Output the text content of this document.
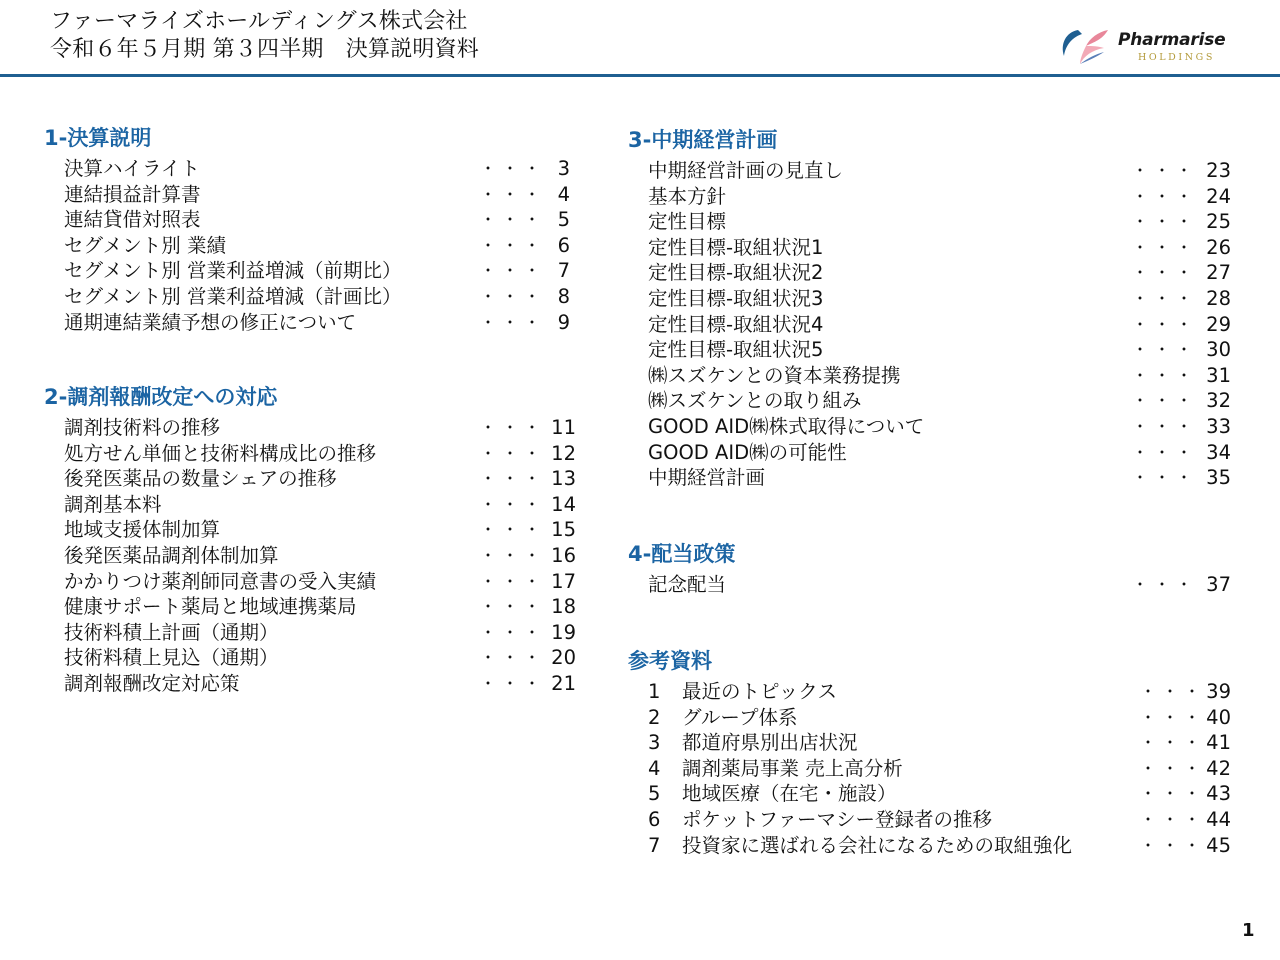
ファーマライズホールディングス株式会社
令和６年５月期 第３四半期　決算説明資料	Pharmarise
HOLDINGS
1-決算説明
決算ハイライト	・・・ 3
連結損益計算書	・・・ 4
連結貸借対照表	・・・ 5
セグメント別 業績	・・・ 6
セグメント別 営業利益増減（前期比）	・・・ 7
セグメント別 営業利益増減（計画比）	・・・ 8
通期連結業績予想の修正について	・・・ 9
2-調剤報酬改定への対応
調剤技術料の推移	・・・ 11
処方せん単価と技術料構成比の推移	・・・ 12
後発医薬品の数量シェアの推移	・・・ 13
調剤基本料	・・・ 14
地域支援体制加算	・・・ 15
後発医薬品調剤体制加算	・・・ 16
かかりつけ薬剤師同意書の受入実績	・・・ 17
健康サポート薬局と地域連携薬局	・・・ 18
技術料積上計画（通期）	・・・ 19
技術料積上見込（通期）	・・・ 20
調剤報酬改定対応策	・・・ 21
3-中期経営計画
中期経営計画の見直し	・・・ 23
基本方針	・・・ 24
定性目標	・・・ 25
定性目標-取組状況1	・・・ 26
定性目標-取組状況2	・・・ 27
定性目標-取組状況3	・・・ 28
定性目標-取組状況4	・・・ 29
定性目標-取組状況5	・・・ 30
㈱スズケンとの資本業務提携	・・・ 31
㈱スズケンとの取り組み	・・・ 32
GOOD AID㈱株式取得について	・・・ 33
GOOD AID㈱の可能性	・・・ 34
中期経営計画	・・・ 35
4-配当政策
記念配当	・・・ 37
参考資料
1 最近のトピックス	・・・ 39
2 グループ体系	・・・ 40
3 都道府県別出店状況	・・・ 41
4 調剤薬局事業 売上高分析	・・・ 42
5 地域医療（在宅・施設）	・・・ 43
6 ポケットファーマシー登録者の推移	・・・ 44
7 投資家に選ばれる会社になるための取組強化	・・・ 45
1
